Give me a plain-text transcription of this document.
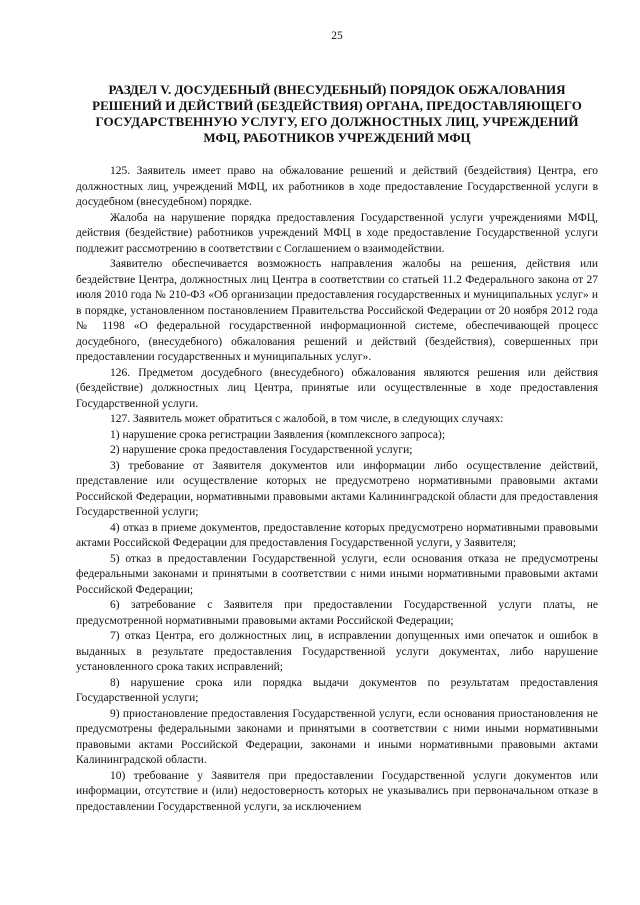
25
РАЗДЕЛ V. ДОСУДЕБНЫЙ (ВНЕСУДЕБНЫЙ) ПОРЯДОК ОБЖАЛОВАНИЯ
РЕШЕНИЙ И ДЕЙСТВИЙ (БЕЗДЕЙСТВИЯ) ОРГАНА, ПРЕДОСТАВЛЯЮЩЕГО
ГОСУДАРСТВЕННУЮ УСЛУГУ, ЕГО ДОЛЖНОСТНЫХ ЛИЦ, УЧРЕЖДЕНИЙ
МФЦ, РАБОТНИКОВ УЧРЕЖДЕНИЙ МФЦ

125. Заявитель имеет право на обжалование решений и действий (бездействия) Центра, его должностных лиц, учреждений МФЦ, их работников в ходе предоставление Государственной услуги в досудебном (внесудебном) порядке.

Жалоба на нарушение порядка предоставления Государственной услуги учреждениями МФЦ, действия (бездействие) работников учреждений МФЦ в ходе предоставление Государственной услуги подлежит рассмотрению в соответствии с Соглашением о взаимодействии.

Заявителю обеспечивается возможность направления жалобы на решения, действия или бездействие Центра, должностных лиц Центра в соответствии со статьей 11.2 Федерального закона от 27 июля 2010 года № 210-ФЗ «Об организации предоставления государственных и муниципальных услуг» и в порядке, установленном постановлением Правительства Российской Федерации от 20 ноября 2012 года № 1198 «О федеральной государственной информационной системе, обеспечивающей процесс досудебного, (внесудебного) обжалования решений и действий (бездействия), совершенных при предоставлении государственных и муниципальных услуг».

126. Предметом досудебного (внесудебного) обжалования являются решения или действия (бездействие) должностных лиц Центра, принятые или осуществленные в ходе предоставления Государственной услуги.

127. Заявитель может обратиться с жалобой, в том числе, в следующих случаях:

1) нарушение срока регистрации Заявления (комплексного запроса);

2) нарушение срока предоставления Государственной услуги;

3) требование от Заявителя документов или информации либо осуществление действий, представление или осуществление которых не предусмотрено нормативными правовыми актами Российской Федерации, нормативными правовыми актами Калининградской области для предоставления Государственной услуги;

4) отказ в приеме документов, предоставление которых предусмотрено нормативными правовыми актами Российской Федерации для предоставления Государственной услуги, у Заявителя;

5) отказ в предоставлении Государственной услуги, если основания отказа не предусмотрены федеральными законами и принятыми в соответствии с ними иными нормативными правовыми актами Российской Федерации;

6) затребование с Заявителя при предоставлении Государственной услуги платы, не предусмотренной нормативными правовыми актами Российской Федерации;

7) отказ Центра, его должностных лиц, в исправлении допущенных ими опечаток и ошибок в выданных в результате предоставления Государственной услуги документах, либо нарушение установленного срока таких исправлений;

8) нарушение срока или порядка выдачи документов по результатам предоставления Государственной услуги;

9) приостановление предоставления Государственной услуги, если основания приостановления не предусмотрены федеральными законами и принятыми в соответствии с ними иными нормативными правовыми актами Российской Федерации, законами и иными нормативными правовыми актами Калининградской области.

10) требование у Заявителя при предоставлении Государственной услуги документов или информации, отсутствие и (или) недостоверность которых не указывались при первоначальном отказе в предоставлении Государственной услуги, за исключением
